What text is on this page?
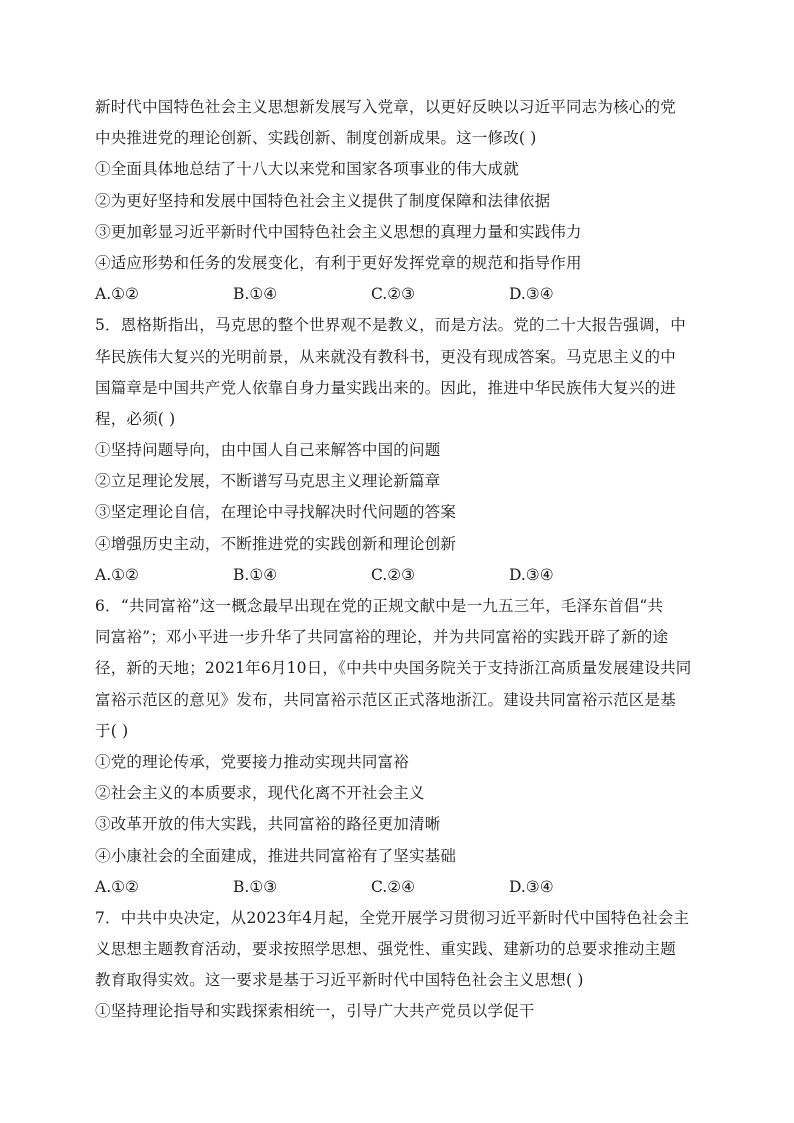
新时代中国特色社会主义思想新发展写入党章，以更好反映以习近平同志为核心的党
中央推进党的理论创新、实践创新、制度创新成果。这一修改( )
①全面具体地总结了十八大以来党和国家各项事业的伟大成就
②为更好坚持和发展中国特色社会主义提供了制度保障和法律依据
③更加彰显习近平新时代中国特色社会主义思想的真理力量和实践伟力
④适应形势和任务的发展变化，有利于更好发挥党章的规范和指导作用
A.①②	B.①④	C.②③	D.③④
5．恩格斯指出，马克思的整个世界观不是教义，而是方法。党的二十大报告强调，中
华民族伟大复兴的光明前景，从来就没有教科书，更没有现成答案。马克思主义的中
国篇章是中国共产党人依靠自身力量实践出来的。因此，推进中华民族伟大复兴的进
程，必须( )
①坚持问题导向，由中国人自己来解答中国的问题
②立足理论发展，不断谱写马克思主义理论新篇章
③坚定理论自信，在理论中寻找解决时代问题的答案
④增强历史主动，不断推进党的实践创新和理论创新
A.①②	B.①④	C.②③	D.③④
6．“共同富裕”这一概念最早出现在党的正规文献中是一九五三年，毛泽东首倡“共
同富裕”；邓小平进一步升华了共同富裕的理论，并为共同富裕的实践开辟了新的途
径，新的天地；2021年6月10日，《中共中央国务院关于支持浙江高质量发展建设共同
富裕示范区的意见》发布，共同富裕示范区正式落地浙江。建设共同富裕示范区是基
于( )
①党的理论传承，党要接力推动实现共同富裕
②社会主义的本质要求，现代化离不开社会主义
③改革开放的伟大实践，共同富裕的路径更加清晰
④小康社会的全面建成，推进共同富裕有了坚实基础
A.①②	B.①③	C.②④	D.③④
7．中共中央决定，从2023年4月起，全党开展学习贯彻习近平新时代中国特色社会主
义思想主题教育活动，要求按照学思想、强党性、重实践、建新功的总要求推动主题
教育取得实效。这一要求是基于习近平新时代中国特色社会主义思想( )
①坚持理论指导和实践探索相统一，引导广大共产党员以学促干
